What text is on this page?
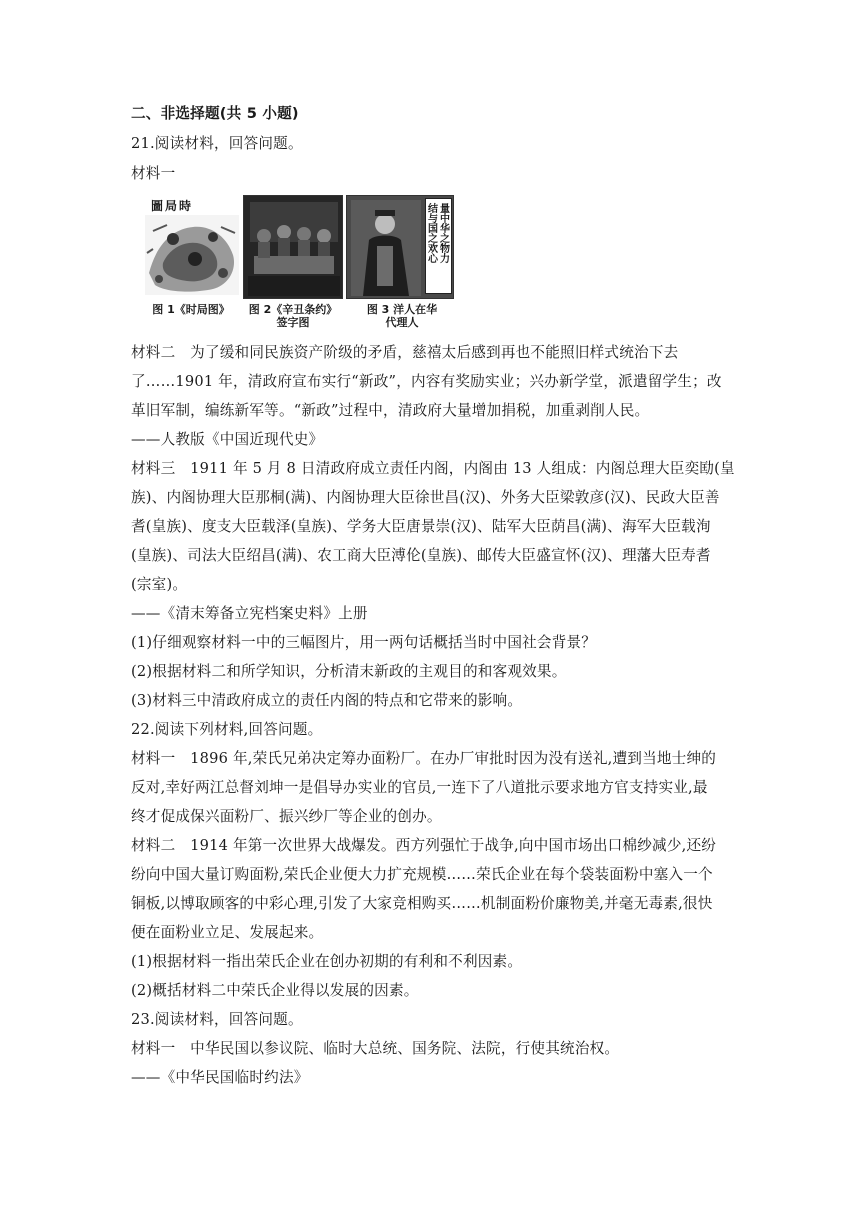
二、非选择题(共 5 小题)
21.阅读材料，回答问题。
材料一
圖局時
图 1《时局图》	图 2《辛丑条约》
签字图
量中华之物力
结与国之欢心
图 3 洋人在华
代理人
材料二　为了缓和同民族资产阶级的矛盾，慈禧太后感到再也不能照旧样式统治下去
了……1901 年，清政府宣布实行“新政”，内容有奖励实业；兴办新学堂，派遣留学生；改
革旧军制，编练新军等。“新政”过程中，清政府大量增加捐税，加重剥削人民。
——人教版《中国近现代史》
材料三　1911 年 5 月 8 日清政府成立责任内阁，内阁由 13 人组成：内阁总理大臣奕劻(皇
族)、内阁协理大臣那桐(满)、内阁协理大臣徐世昌(汉)、外务大臣梁敦彦(汉)、民政大臣善
耆(皇族)、度支大臣载泽(皇族)、学务大臣唐景崇(汉)、陆军大臣荫昌(满)、海军大臣载洵
(皇族)、司法大臣绍昌(满)、农工商大臣溥伦(皇族)、邮传大臣盛宣怀(汉)、理藩大臣寿耆
(宗室)。
——《清末筹备立宪档案史料》上册
(1)仔细观察材料一中的三幅图片，用一两句话概括当时中国社会背景？
(2)根据材料二和所学知识，分析清末新政的主观目的和客观效果。
(3)材料三中清政府成立的责任内阁的特点和它带来的影响。
22.阅读下列材料,回答问题。
材料一　1896 年,荣氏兄弟决定筹办面粉厂。在办厂审批时因为没有送礼,遭到当地士绅的
反对,幸好两江总督刘坤一是倡导办实业的官员,一连下了八道批示要求地方官支持实业,最
终才促成保兴面粉厂、振兴纱厂等企业的创办。
材料二　1914 年第一次世界大战爆发。西方列强忙于战争,向中国市场出口棉纱减少,还纷
纷向中国大量订购面粉,荣氏企业便大力扩充规模……荣氏企业在每个袋装面粉中塞入一个
铜板,以博取顾客的中彩心理,引发了大家竞相购买……机制面粉价廉物美,并毫无毒素,很快
便在面粉业立足、发展起来。
(1)根据材料一指出荣氏企业在创办初期的有利和不利因素。
(2)概括材料二中荣氏企业得以发展的因素。
23.阅读材料，回答问题。
材料一　中华民国以参议院、临时大总统、国务院、法院，行使其统治权。
——《中华民国临时约法》
